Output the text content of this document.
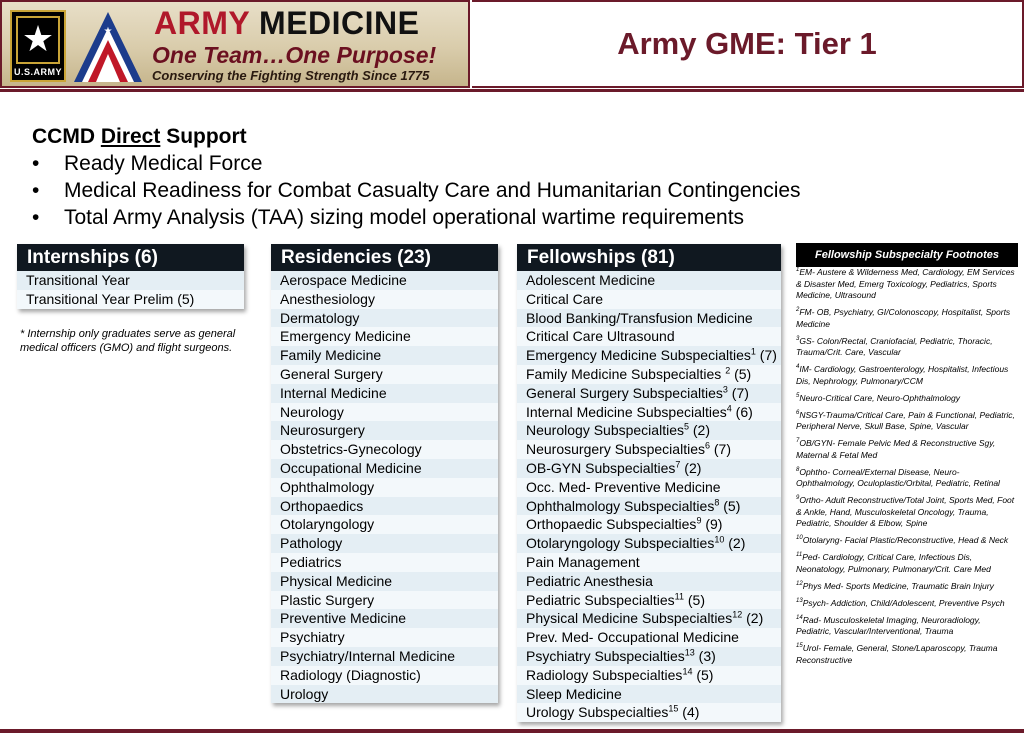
★
U.S.ARMY
★ ARMY MEDICINE
One Team…One Purpose!
Conserving the Fighting Strength Since 1775
Army GME: Tier 1
CCMD Direct Support
• Ready Medical Force
• Medical Readiness for Combat Casualty Care and Humanitarian Contingencies
• Total Army Analysis (TAA) sizing model operational wartime requirements
Internships (6)
Transitional Year
Transitional Year Prelim (5)
* Internship only graduates serve as general medical officers (GMO) and flight surgeons.
Residencies (23)
Aerospace Medicine
Anesthesiology
Dermatology
Emergency Medicine
Family Medicine
General Surgery
Internal Medicine
Neurology
Neurosurgery
Obstetrics-Gynecology
Occupational Medicine
Ophthalmology
Orthopaedics
Otolaryngology
Pathology
Pediatrics
Physical Medicine
Plastic Surgery
Preventive Medicine
Psychiatry
Psychiatry/Internal Medicine
Radiology (Diagnostic)
Urology
Fellowships (81)
Adolescent Medicine
Critical Care
Blood Banking/Transfusion Medicine
Critical Care Ultrasound
Emergency Medicine Subspecialties$^1$ (7)
Family Medicine Subspecialties $^2$ (5)
General Surgery Subspecialties$^3$ (7)
Internal Medicine Subspecialties$^4$ (6)
Neurology Subspecialties$^5$ (2)
Neurosurgery Subspecialties$^6$ (7)
OB-GYN Subspecialties$^7$ (2)
Occ. Med- Preventive Medicine
Ophthalmology Subspecialties$^8$ (5)
Orthopaedic Subspecialties$^9$ (9)
Otolaryngology Subspecialties$^{10}$ (2)
Pain Management
Pediatric Anesthesia
Pediatric Subspecialties$^{11}$ (5)
Physical Medicine Subspecialties$^{12}$ (2)
Prev. Med- Occupational Medicine
Psychiatry Subspecialties$^{13}$ (3)
Radiology Subspecialties$^{14}$ (5)
Sleep Medicine
Urology Subspecialties$^{15}$ (4)
Fellowship Subspecialty Footnotes
$^1$EM- Austere & Wilderness Med, Cardiology, EM Services & Disaster Med, Emerg Toxicology, Pediatrics, Sports Medicine, Ultrasound
$^2$FM- OB, Psychiatry, GI/Colonoscopy, Hospitalist, Sports Medicine
$^3$GS- Colon/Rectal, Craniofacial, Pediatric, Thoracic, Trauma/Crit. Care, Vascular
$^4$IM- Cardiology, Gastroenterology, Hospitalist, Infectious Dis, Nephrology, Pulmonary/CCM
$^5$Neuro-Critical Care, Neuro-Ophthalmology
$^6$NSGY-Trauma/Critical Care, Pain & Functional, Pediatric, Peripheral Nerve, Skull Base, Spine, Vascular
$^7$OB/GYN- Female Pelvic Med & Reconstructive Sgy, Maternal & Fetal Med
$^8$Ophtho- Corneal/External Disease, Neuro-Ophthalmology, Oculoplastic/Orbital, Pediatric, Retinal
$^9$Ortho- Adult Reconstructive/Total Joint, Sports Med, Foot & Ankle, Hand, Musculoskeletal Oncology, Trauma, Pediatric, Shoulder & Elbow, Spine
$^{10}$Otolaryng- Facial Plastic/Reconstructive, Head & Neck
$^{11}$Ped- Cardiology, Critical Care, Infectious Dis, Neonatology, Pulmonary, Pulmonary/Crit. Care Med
$^{12}$Phys Med- Sports Medicine, Traumatic Brain Injury
$^{13}$Psych- Addiction, Child/Adolescent, Preventive Psych
$^{14}$Rad- Musculoskeletal Imaging, Neuroradiology, Pediatric, Vascular/Interventional, Trauma
$^{15}$Urol- Female, General, Stone/Laparoscopy, Trauma Reconstructive
